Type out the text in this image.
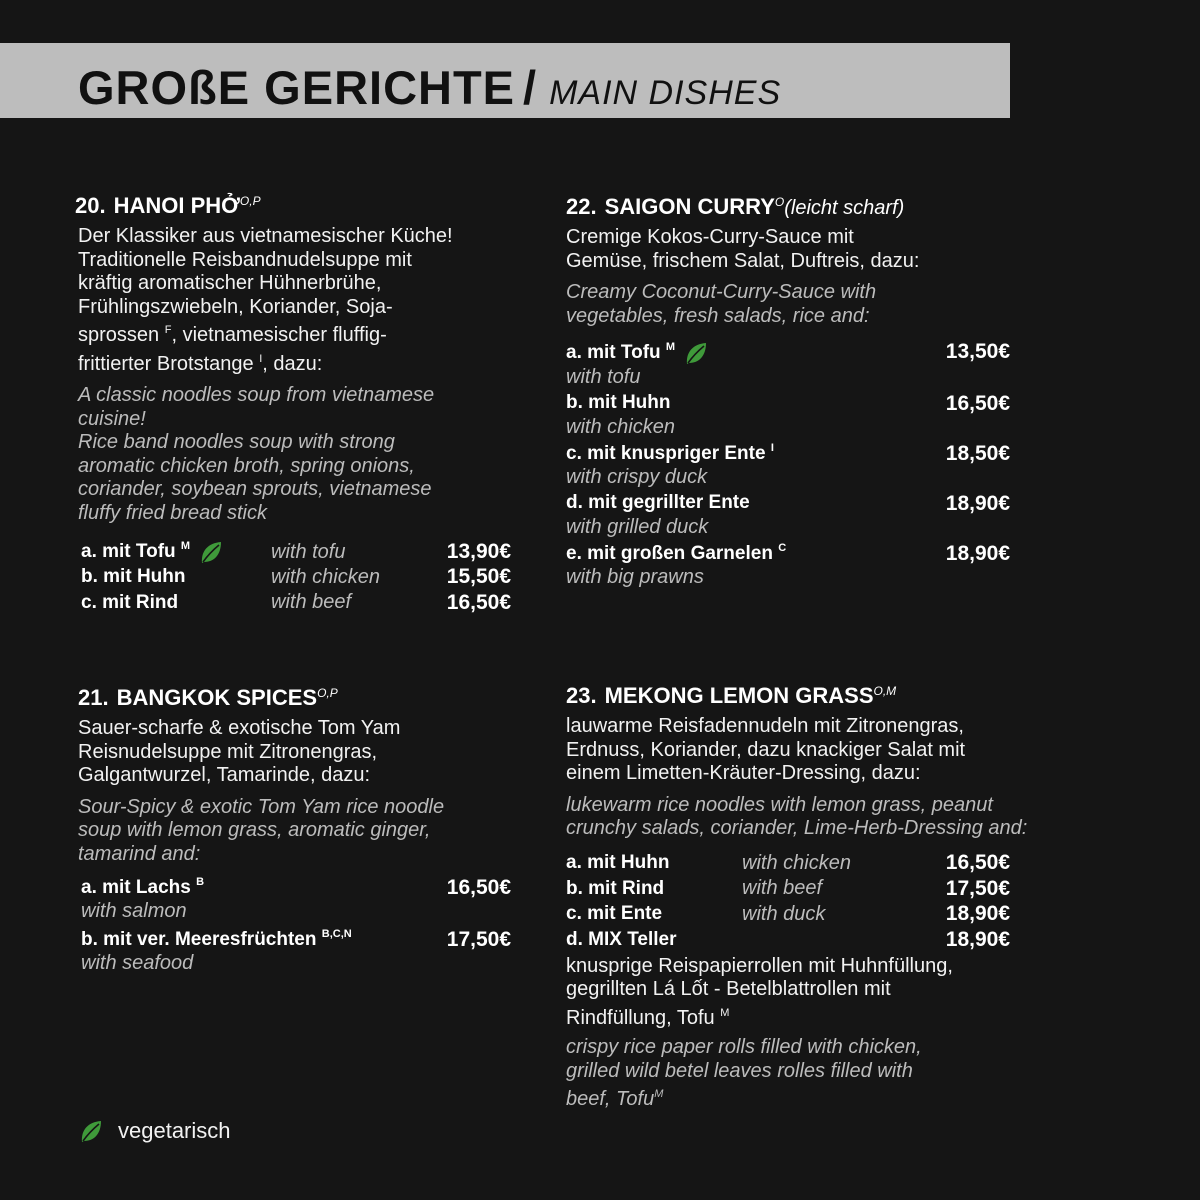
GROßE GERICHTE / MAIN DISHES
20. HANOI PHỞ$^{O,P}$
Der Klassiker aus vietnamesischer Küche!
Traditionelle Reisbandnudelsuppe mit
kräftig aromatischer Hühnerbrühe,
Frühlingszwiebeln, Koriander, Soja-
sprossen $^F$, vietnamesischer fluffig-
frittierter Brotstange $^I$, dazu:
A classic noodles soup from vietnamese
cuisine!
Rice band noodles soup with strong
aromatic chicken broth, spring onions,
coriander, soybean sprouts, vietnamese
fluffy fried bread stick
a. mit Tofu $^M$	with tofu	13,90€
b. mit Huhn	with chicken	15,50€
c. mit Rind	with beef	16,50€
21. BANGKOK $SPICES^{O,P}$
Sauer-scharfe & exotische Tom Yam
Reisnudelsuppe mit Zitronengras,
Galgantwurzel, Tamarinde, dazu:
Sour-Spicy & exotic Tom Yam rice noodle
soup with lemon grass, aromatic ginger,
tamarind and:
a. mit Lachs $^B$	16,50€
with salmon
b. mit ver. Meeresfrüchten $^{B,C,N}$	17,50€
with seafood
22. SAIGON $CURRY^O(leicht$ scharf)
Cremige Kokos-Curry-Sauce mit
Gemüse, frischem Salat, Duftreis, dazu:
Creamy Coconut-Curry-Sauce with
vegetables, fresh salads, rice and:
a. mit Tofu $^M$	13,50€
with tofu
b. mit Huhn	16,50€
with chicken
c. mit knuspriger Ente $^I$	18,50€
with crispy duck
d. mit gegrillter Ente	18,90€
with grilled duck
e. mit großen Garnelen $^C$	18,90€
with big prawns
23. MEKONG LEMON $GRASS^{O,M}$
lauwarme Reisfadennudeln mit Zitronengras,
Erdnuss, Koriander, dazu knackiger Salat mit
einem Limetten-Kräuter-Dressing, dazu:
lukewarm rice noodles with lemon grass, peanut
crunchy salads, coriander, Lime-Herb-Dressing and:
a. mit Huhn	with chicken	16,50€
b. mit Rind	with beef	17,50€
c. mit Ente	with duck	18,90€
d. MIX Teller	18,90€
knusprige Reispapierrollen mit Huhnfüllung,
gegrillten Lá Lốt - Betelblattrollen mit
Rindfüllung, Tofu $^M$
crispy rice paper rolls filled with chicken,
grilled wild betel leaves rolles filled with
beef, Tofu$^M$
vegetarisch
